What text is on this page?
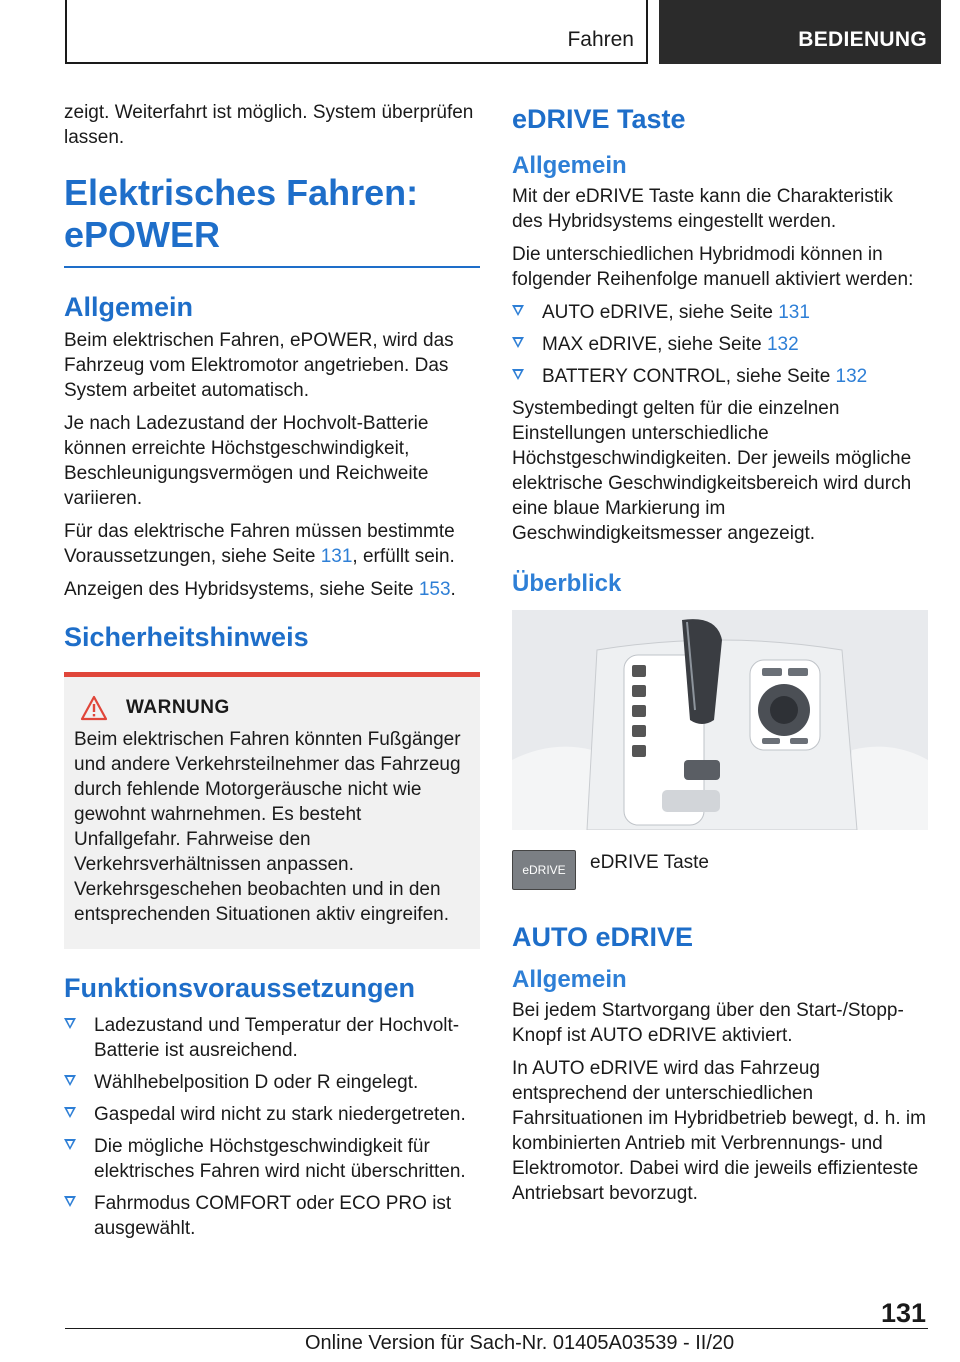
Fahren	BEDIENUNG

zeigt. Weiterfahrt ist möglich. System überprüfen lassen.

Elektrisches Fahren: ePOWER
Allgemein

Beim elektrischen Fahren, ePOWER, wird das Fahrzeug vom Elektromotor angetrieben. Das System arbeitet automatisch.

Je nach Ladezustand der Hochvolt-Batterie können erreichte Höchstgeschwindigkeit, Beschleunigungsvermögen und Reichweite variieren.

Für das elektrische Fahren müssen bestimmte Voraussetzungen, siehe Seite 131, erfüllt sein.

Anzeigen des Hybridsystems, siehe Seite 153.

Sicherheitshinweis
WARNUNG

Beim elektrischen Fahren könnten Fußgänger und andere Verkehrsteilnehmer das Fahrzeug durch fehlende Motorgeräusche nicht wie gewohnt wahrnehmen. Es besteht Unfallgefahr. Fahrweise den Verkehrsverhältnissen anpassen. Verkehrsgeschehen beobachten und in den entsprechenden Situationen aktiv eingreifen.

Funktionsvoraussetzungen
Ladezustand und Temperatur der Hochvolt-Batterie ist ausreichend.
Wählhebelposition D oder R eingelegt.
Gaspedal wird nicht zu stark niedergetreten.
Die mögliche Höchstgeschwindigkeit für elektrisches Fahren wird nicht überschritten.
Fahrmodus COMFORT oder ECO PRO ist ausgewählt.
eDRIVE Taste
Allgemein

Mit der eDRIVE Taste kann die Charakteristik des Hybridsystems eingestellt werden.

Die unterschiedlichen Hybridmodi können in folgender Reihenfolge manuell aktiviert werden:

AUTO eDRIVE, siehe Seite 131
MAX eDRIVE, siehe Seite 132
BATTERY CONTROL, siehe Seite 132

Systembedingt gelten für die einzelnen Einstellungen unterschiedliche Höchstgeschwindigkeiten. Der jeweils mögliche elektrische Geschwindigkeitsbereich wird durch eine blaue Markierung im Geschwindigkeitsmesser angezeigt.

Überblick
eDRIVE	eDRIVE Taste
AUTO eDRIVE
Allgemein

Bei jedem Startvorgang über den Start-/Stopp-Knopf ist AUTO eDRIVE aktiviert.

In AUTO eDRIVE wird das Fahrzeug entsprechend der unterschiedlichen Fahrsituationen im Hybridbetrieb bewegt, d. h. im kombinierten Antrieb mit Verbrennungs- und Elektromotor. Dabei wird die jeweils effizienteste Antriebsart bevorzugt.

131
Online Version für Sach-Nr. 01405A03539 - II/20
